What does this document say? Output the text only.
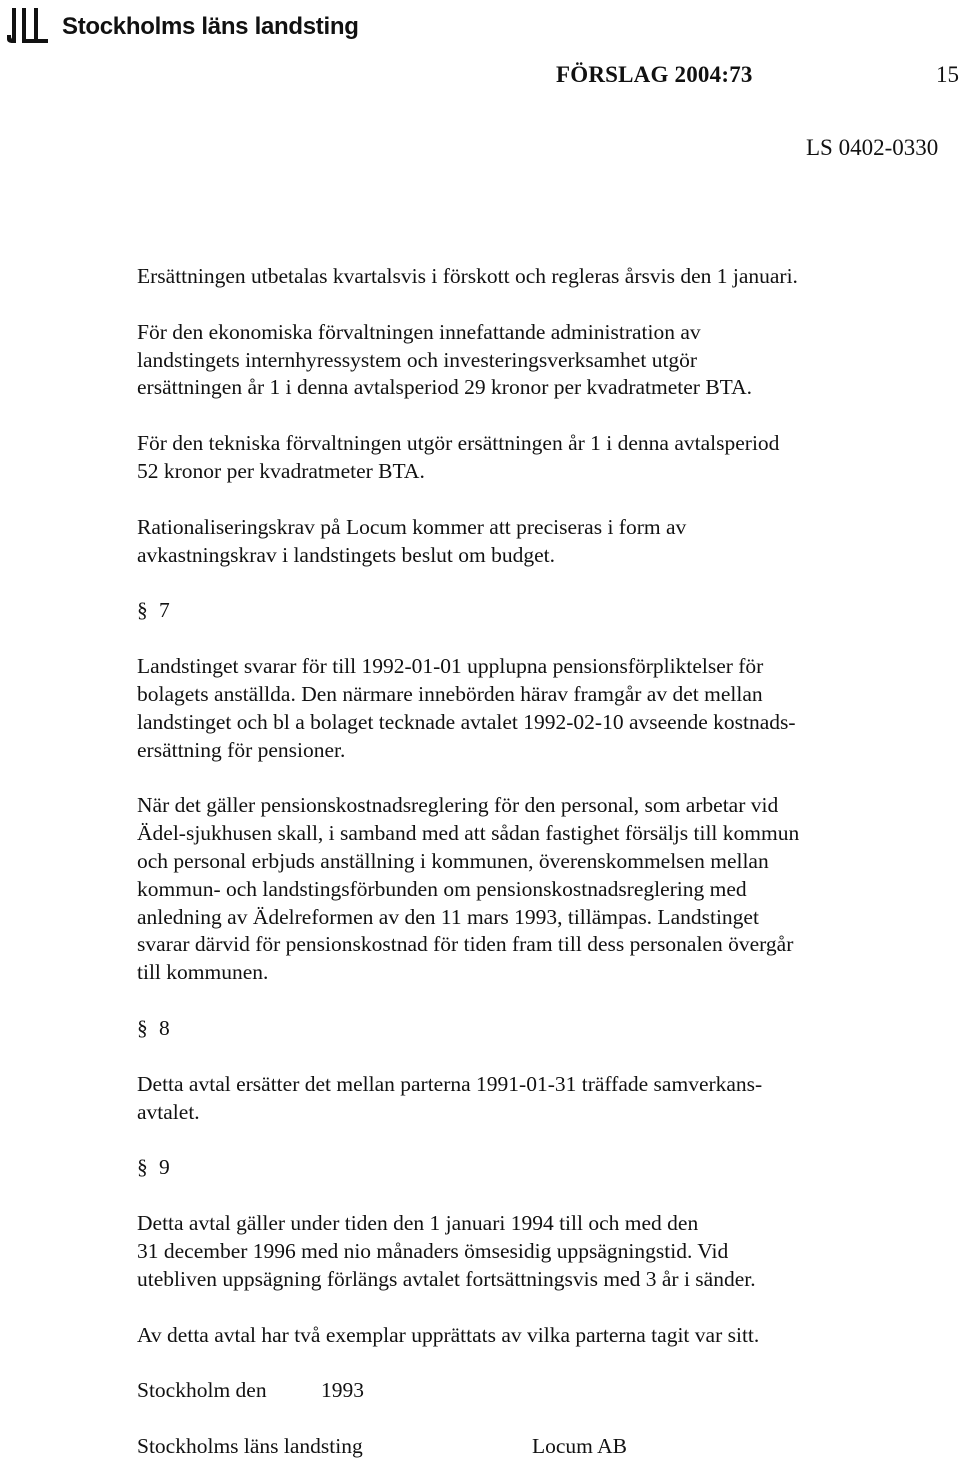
Stockholms läns landsting
FÖRSLAG 2004:73	15
LS 0402-0330

Ersättningen utbetalas kvartalsvis i förskott och regleras årsvis den 1 januari.

För den ekonomiska förvaltningen innefattande administration av

landstingets internhyressystem och investeringsverksamhet utgör

ersättningen år 1 i denna avtalsperiod 29 kronor per kvadratmeter BTA.

För den tekniska förvaltningen utgör ersättningen år 1 i denna avtalsperiod

52 kronor per kvadratmeter BTA.

Rationaliseringskrav på Locum kommer att preciseras i form av

avkastningskrav i landstingets beslut om budget.

§ 7

Landstinget svarar för till 1992-01-01 upplupna pensionsförpliktelser för

bolagets anställda. Den närmare innebörden härav framgår av det mellan

landstinget och bl a bolaget tecknade avtalet 1992-02-10 avseende kostnads-

ersättning för pensioner.

När det gäller pensionskostnadsreglering för den personal, som arbetar vid

Ädel-sjukhusen skall, i samband med att sådan fastighet försäljs till kommun

och personal erbjuds anställning i kommunen, överenskommelsen mellan

kommun- och landstingsförbunden om pensionskostnadsreglering med

anledning av Ädelreformen av den 11 mars 1993, tillämpas. Landstinget

svarar därvid för pensionskostnad för tiden fram till dess personalen övergår

till kommunen.

§ 8

Detta avtal ersätter det mellan parterna 1991-01-31 träffade samverkans-

avtalet.

§ 9

Detta avtal gäller under tiden den 1 januari 1994 till och med den

31 december 1996 med nio månaders ömsesidig uppsägningstid. Vid

utebliven uppsägning förlängs avtalet fortsättningsvis med 3 år i sänder.

Av detta avtal har två exemplar upprättats av vilka parterna tagit var sitt.

Stockholm den	1993
Stockholms läns landsting	Locum AB
